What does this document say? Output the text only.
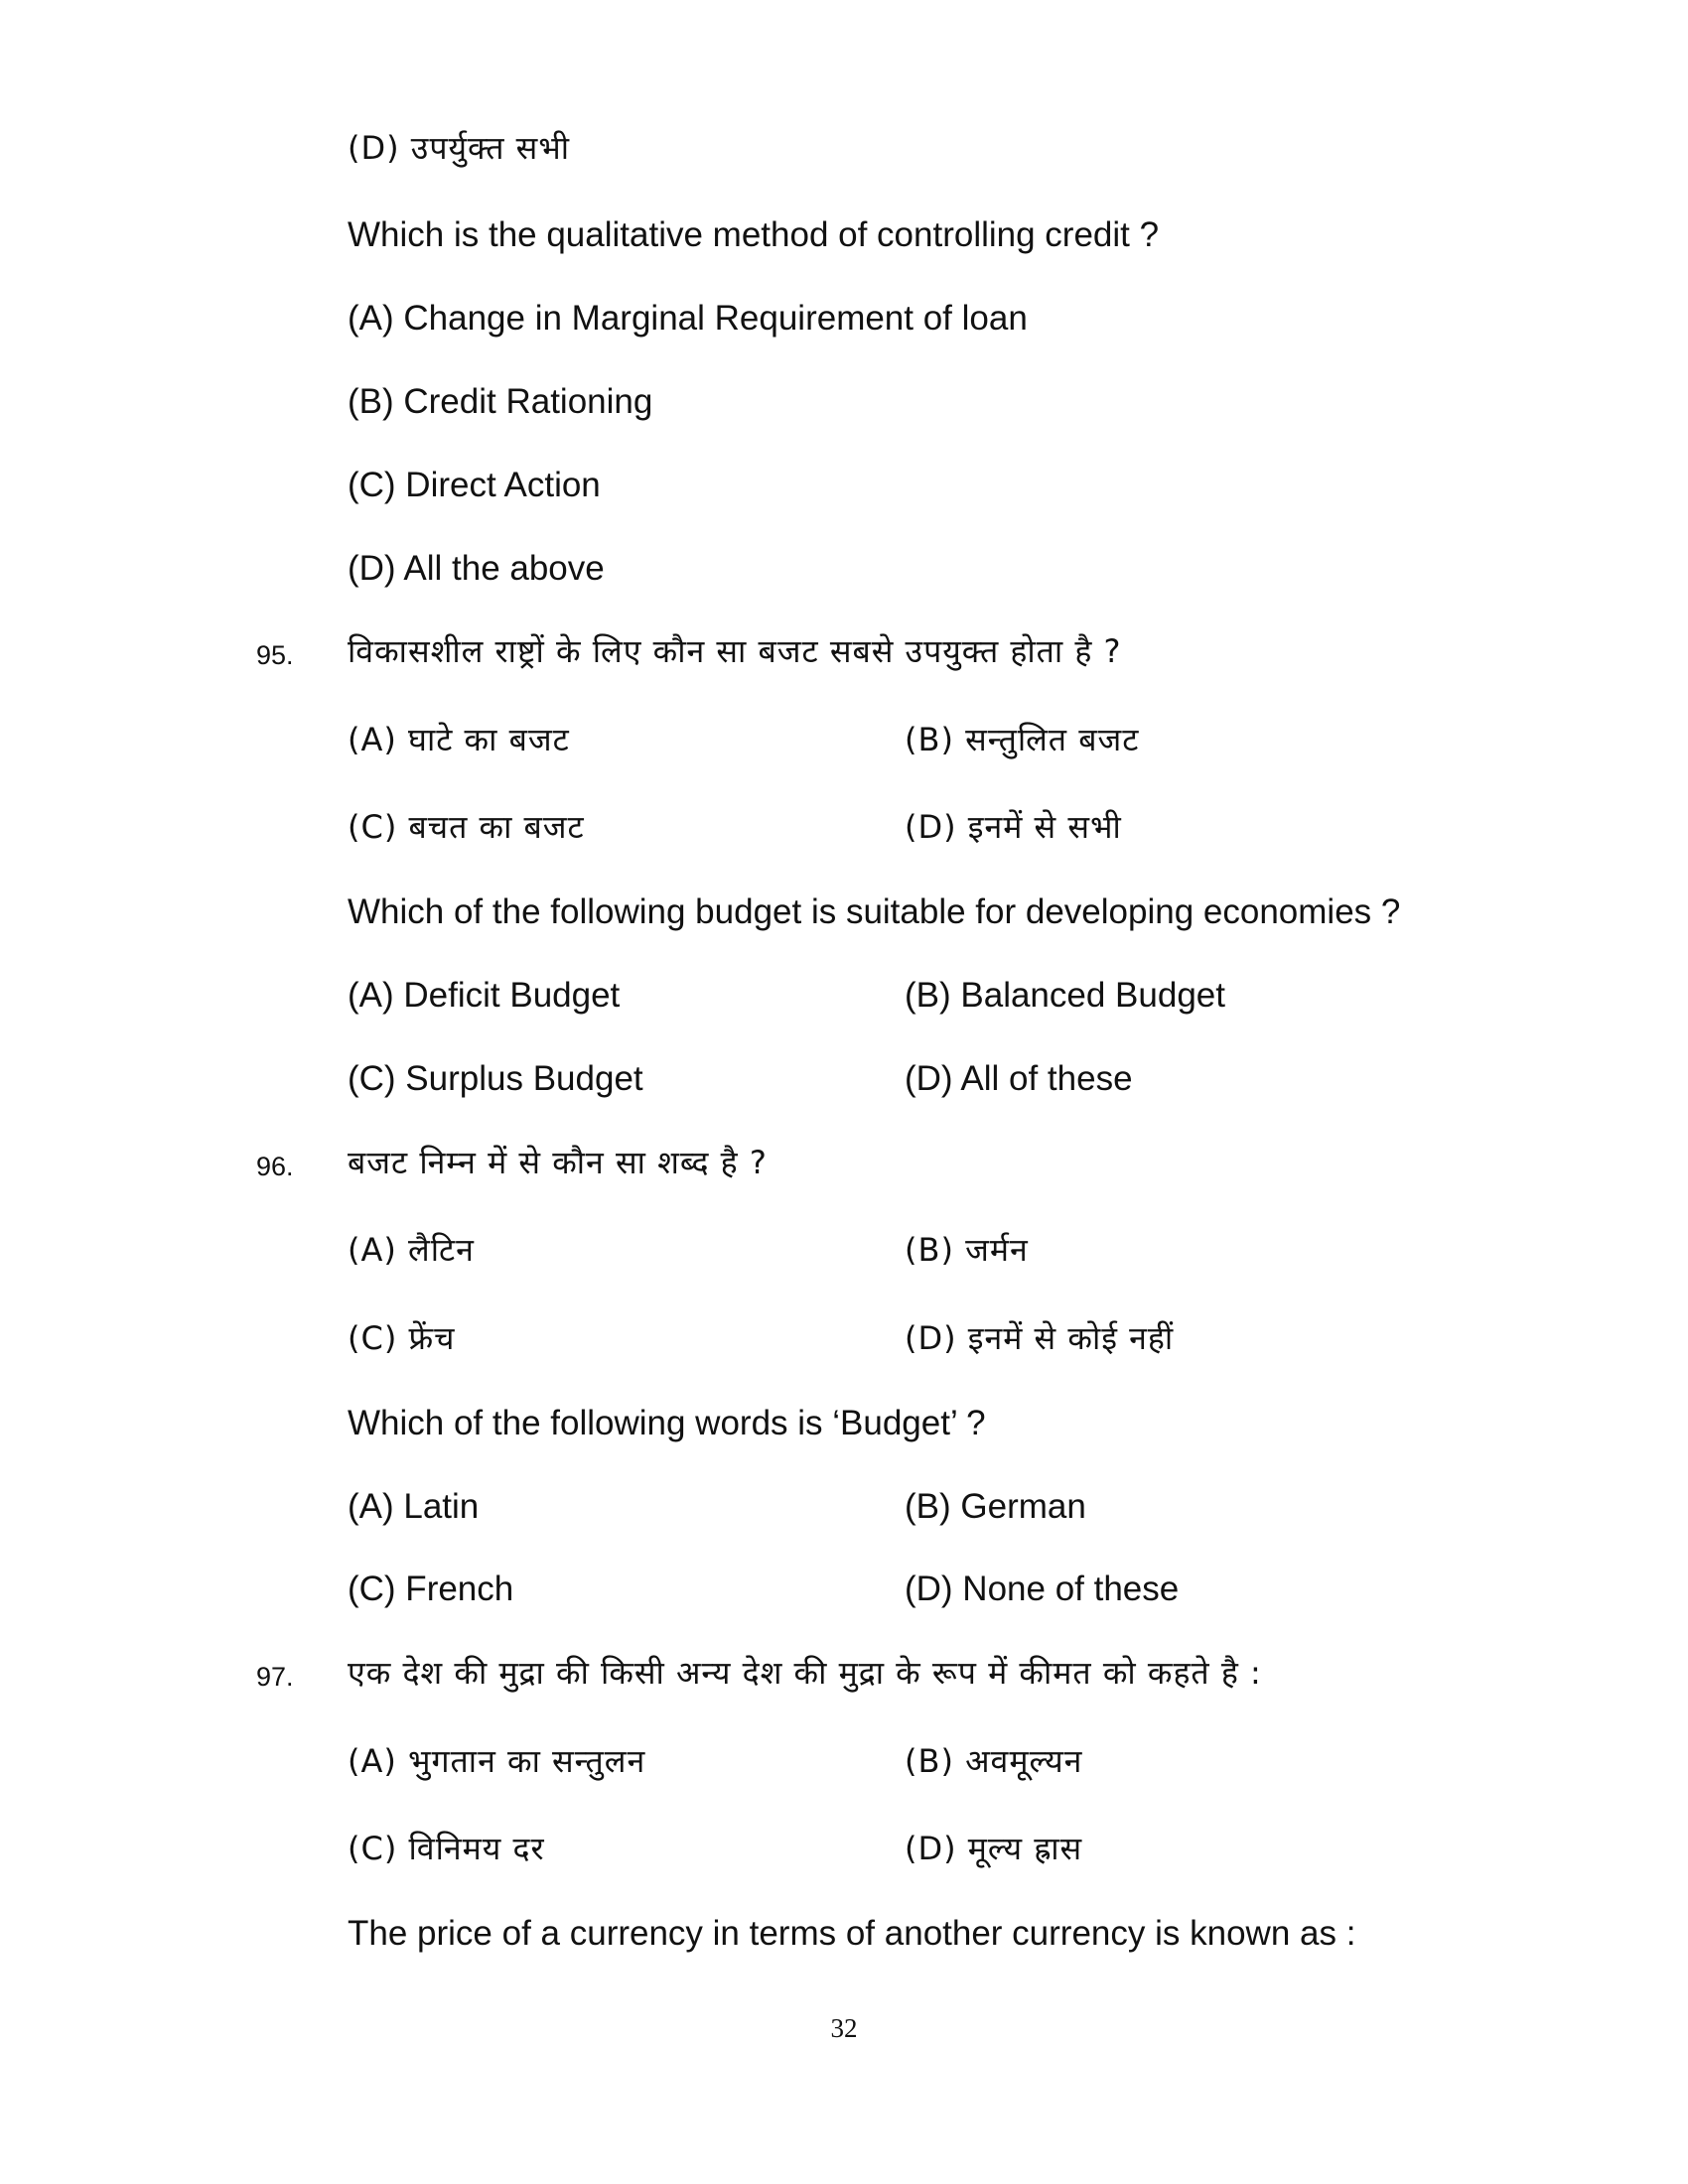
(D) उपर्युक्त सभी
Which is the qualitative method of controlling credit ?
(A) Change in Marginal Requirement of loan
(B) Credit Rationing
(C) Direct Action
(D) All the above
95. विकासशील राष्ट्रों के लिए कौन सा बजट सबसे उपयुक्त होता है ?
(A) घाटे का बजट	(B) सन्तुलित बजट
(C) बचत का बजट	(D) इनमें से सभी
Which of the following budget is suitable for developing economies ?
(A) Deficit Budget	(B) Balanced Budget
(C) Surplus Budget	(D) All of these
96. बजट निम्न में से कौन सा शब्द है ?
(A) लैटिन	(B) जर्मन
(C) फ्रेंच	(D) इनमें से कोई नहीं
Which of the following words is ‘Budget’ ?
(A) Latin	(B) German
(C) French	(D) None of these
97. एक देश की मुद्रा की किसी अन्य देश की मुद्रा के रूप में कीमत को कहते है :
(A) भुगतान का सन्तुलन	(B) अवमूल्यन
(C) विनिमय दर	(D) मूल्य ह्रास
The price of a currency in terms of another currency is known as :
32
